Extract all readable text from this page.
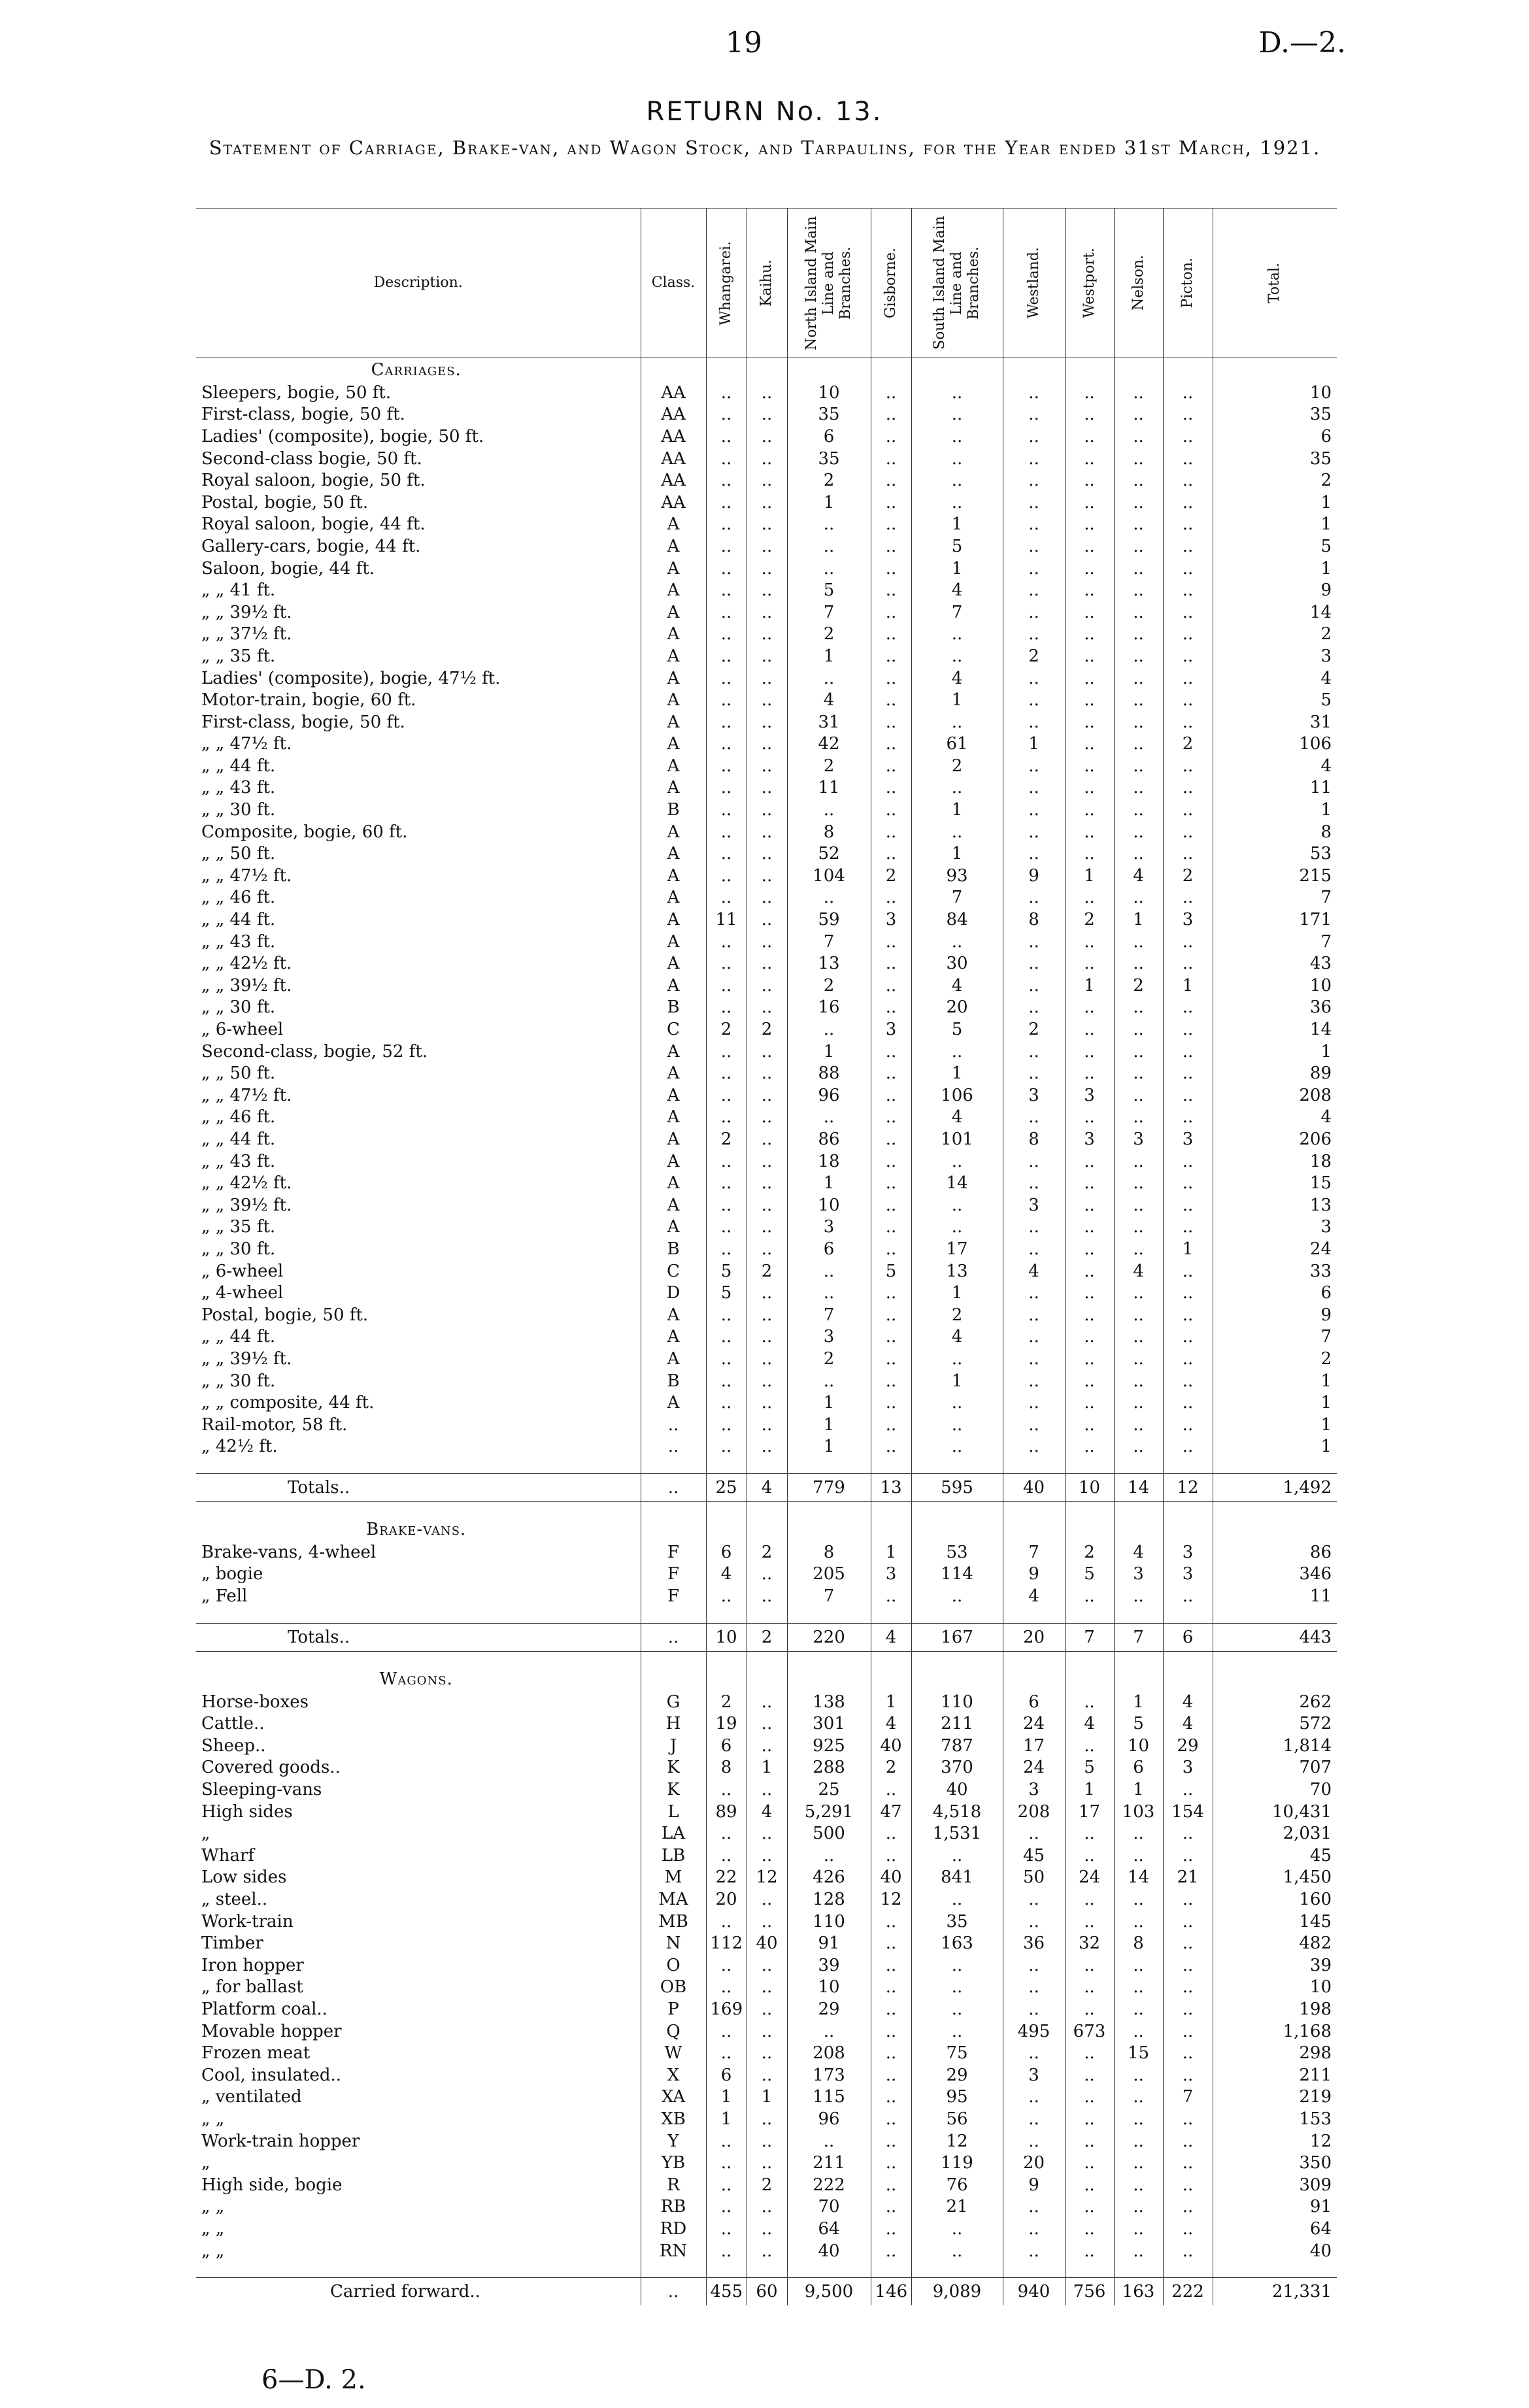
19	D.—2.
RETURN No. 13.
Statement of Carriage, Brake-van, and Wagon Stock, and Tarpaulins, for the Year ended 31st March, 1921.
Description.	Class.	Whangarei.	Kaihu.	North Island Main Line and Branches.	Gisborne.	South Island Main Line and Branches.	Westland.	Westport.	Nelson.	Picton.	Total.

Carriages.											
Sleepers, bogie, 50 ft.	AA	..	..	10	..	..	..	..	..	..	10
First-class, bogie, 50 ft.	AA	..	..	35	..	..	..	..	..	..	35
Ladies' (composite), bogie, 50 ft.	AA	..	..	6	..	..	..	..	..	..	6
Second-class bogie, 50 ft.	AA	..	..	35	..	..	..	..	..	..	35
Royal saloon, bogie, 50 ft.	AA	..	..	2	..	..	..	..	..	..	2
Postal, bogie, 50 ft.	AA	..	..	1	..	..	..	..	..	..	1
Royal saloon, bogie, 44 ft.	A	..	..	..	..	1	..	..	..	..	1
Gallery-cars, bogie, 44 ft.	A	..	..	..	..	5	..	..	..	..	5
Saloon, bogie, 44 ft.	A	..	..	..	..	1	..	..	..	..	1
„ „ 41 ft.	A	..	..	5	..	4	..	..	..	..	9
„ „ 39½ ft.	A	..	..	7	..	7	..	..	..	..	14
„ „ 37½ ft.	A	..	..	2	..	..	..	..	..	..	2
„ „ 35 ft.	A	..	..	1	..	..	2	..	..	..	3
Ladies' (composite), bogie, 47½ ft.	A	..	..	..	..	4	..	..	..	..	4
Motor-train, bogie, 60 ft.	A	..	..	4	..	1	..	..	..	..	5
First-class, bogie, 50 ft.	A	..	..	31	..	..	..	..	..	..	31
„ „ 47½ ft.	A	..	..	42	..	61	1	..	..	2	106
„ „ 44 ft.	A	..	..	2	..	2	..	..	..	..	4
„ „ 43 ft.	A	..	..	11	..	..	..	..	..	..	11
„ „ 30 ft.	B	..	..	..	..	1	..	..	..	..	1
Composite, bogie, 60 ft.	A	..	..	8	..	..	..	..	..	..	8
„ „ 50 ft.	A	..	..	52	..	1	..	..	..	..	53
„ „ 47½ ft.	A	..	..	104	2	93	9	1	4	2	215
„ „ 46 ft.	A	..	..	..	..	7	..	..	..	..	7
„ „ 44 ft.	A	11	..	59	3	84	8	2	1	3	171
„ „ 43 ft.	A	..	..	7	..	..	..	..	..	..	7
„ „ 42½ ft.	A	..	..	13	..	30	..	..	..	..	43
„ „ 39½ ft.	A	..	..	2	..	4	..	1	2	1	10
„ „ 30 ft.	B	..	..	16	..	20	..	..	..	..	36
„ 6-wheel	C	2	2	..	3	5	2	..	..	..	14
Second-class, bogie, 52 ft.	A	..	..	1	..	..	..	..	..	..	1
„ „ 50 ft.	A	..	..	88	..	1	..	..	..	..	89
„ „ 47½ ft.	A	..	..	96	..	106	3	3	..	..	208
„ „ 46 ft.	A	..	..	..	..	4	..	..	..	..	4
„ „ 44 ft.	A	2	..	86	..	101	8	3	3	3	206
„ „ 43 ft.	A	..	..	18	..	..	..	..	..	..	18
„ „ 42½ ft.	A	..	..	1	..	14	..	..	..	..	15
„ „ 39½ ft.	A	..	..	10	..	..	3	..	..	..	13
„ „ 35 ft.	A	..	..	3	..	..	..	..	..	..	3
„ „ 30 ft.	B	..	..	6	..	17	..	..	..	1	24
„ 6-wheel	C	5	2	..	5	13	4	..	4	..	33
„ 4-wheel	D	5	..	..	..	1	..	..	..	..	6
Postal, bogie, 50 ft.	A	..	..	7	..	2	..	..	..	..	9
„ „ 44 ft.	A	..	..	3	..	4	..	..	..	..	7
„ „ 39½ ft.	A	..	..	2	..	..	..	..	..	..	2
„ „ 30 ft.	B	..	..	..	..	1	..	..	..	..	1
„ „ composite, 44 ft.	A	..	..	1	..	..	..	..	..	..	1
Rail-motor, 58 ft.	..	..	..	1	..	..	..	..	..	..	1
„ 42½ ft.	..	..	..	1	..	..	..	..	..	..	1

Totals..	..	25	4	779	13	595	40	10	14	12	1,492

Brake-vans.											
Brake-vans, 4-wheel	F	6	2	8	1	53	7	2	4	3	86
„ bogie	F	4	..	205	3	114	9	5	3	3	346
„ Fell	F	..	..	7	..	..	4	..	..	..	11

Totals..	..	10	2	220	4	167	20	7	7	6	443

Wagons.											
Horse-boxes	G	2	..	138	1	110	6	..	1	4	262
Cattle..	H	19	..	301	4	211	24	4	5	4	572
Sheep..	J	6	..	925	40	787	17	..	10	29	1,814
Covered goods..	K	8	1	288	2	370	24	5	6	3	707
Sleeping-vans	K	..	..	25	..	40	3	1	1	..	70
High sides	L	89	4	5,291	47	4,518	208	17	103	154	10,431
„	LA	..	..	500	..	1,531	..	..	..	..	2,031
Wharf	LB	..	..	..	..	..	45	..	..	..	45
Low sides	M	22	12	426	40	841	50	24	14	21	1,450
„ steel..	MA	20	..	128	12	..	..	..	..	..	160
Work-train	MB	..	..	110	..	35	..	..	..	..	145
Timber	N	112	40	91	..	163	36	32	8	..	482
Iron hopper	O	..	..	39	..	..	..	..	..	..	39
„ for ballast	OB	..	..	10	..	..	..	..	..	..	10
Platform coal..	P	169	..	29	..	..	..	..	..	..	198
Movable hopper	Q	..	..	..	..	..	495	673	..	..	1,168
Frozen meat	W	..	..	208	..	75	..	..	15	..	298
Cool, insulated..	X	6	..	173	..	29	3	..	..	..	211
„ ventilated	XA	1	1	115	..	95	..	..	..	7	219
„ „	XB	1	..	96	..	56	..	..	..	..	153
Work-train hopper	Y	..	..	..	..	12	..	..	..	..	12
„	YB	..	..	211	..	119	20	..	..	..	350
High side, bogie	R	..	2	222	..	76	9	..	..	..	309
„ „	RB	..	..	70	..	21	..	..	..	..	91
„ „	RD	..	..	64	..	..	..	..	..	..	64
„ „	RN	..	..	40	..	..	..	..	..	..	40

Carried forward..	..	455	60	9,500	146	9,089	940	756	163	222	21,331
6—D. 2.
